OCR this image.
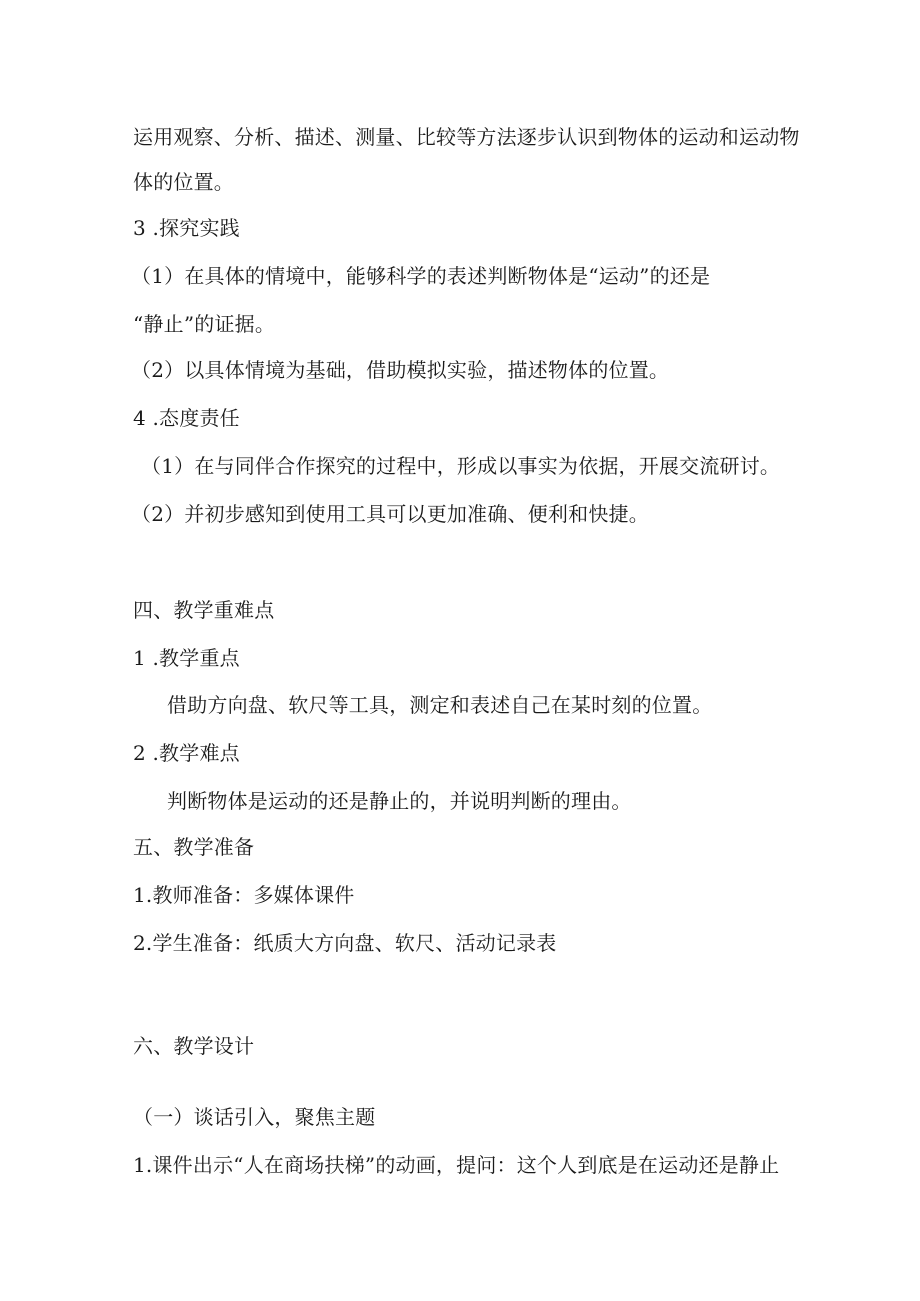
运用观察、分析、描述、测量、比较等方法逐步认识到物体的运动和运动物
体的位置。
3 .探究实践
（1）在具体的情境中，能够科学的表述判断物体是“运动”的还是
“静止”的证据。
（2）以具体情境为基础，借助模拟实验，描述物体的位置。
4 .态度责任
（1）在与同伴合作探究的过程中，形成以事实为依据，开展交流研讨。
（2）并初步感知到使用工具可以更加准确、便利和快捷。
四、教学重难点
1 .教学重点
借助方向盘、软尺等工具，测定和表述自己在某时刻的位置。
2 .教学难点
判断物体是运动的还是静止的，并说明判断的理由。
五、教学准备
1.教师准备：多媒体课件
2.学生准备：纸质大方向盘、软尺、活动记录表
六、教学设计
（一）谈话引入，聚焦主题
1.课件出示“人在商场扶梯”的动画，提问：这个人到底是在运动还是静止
